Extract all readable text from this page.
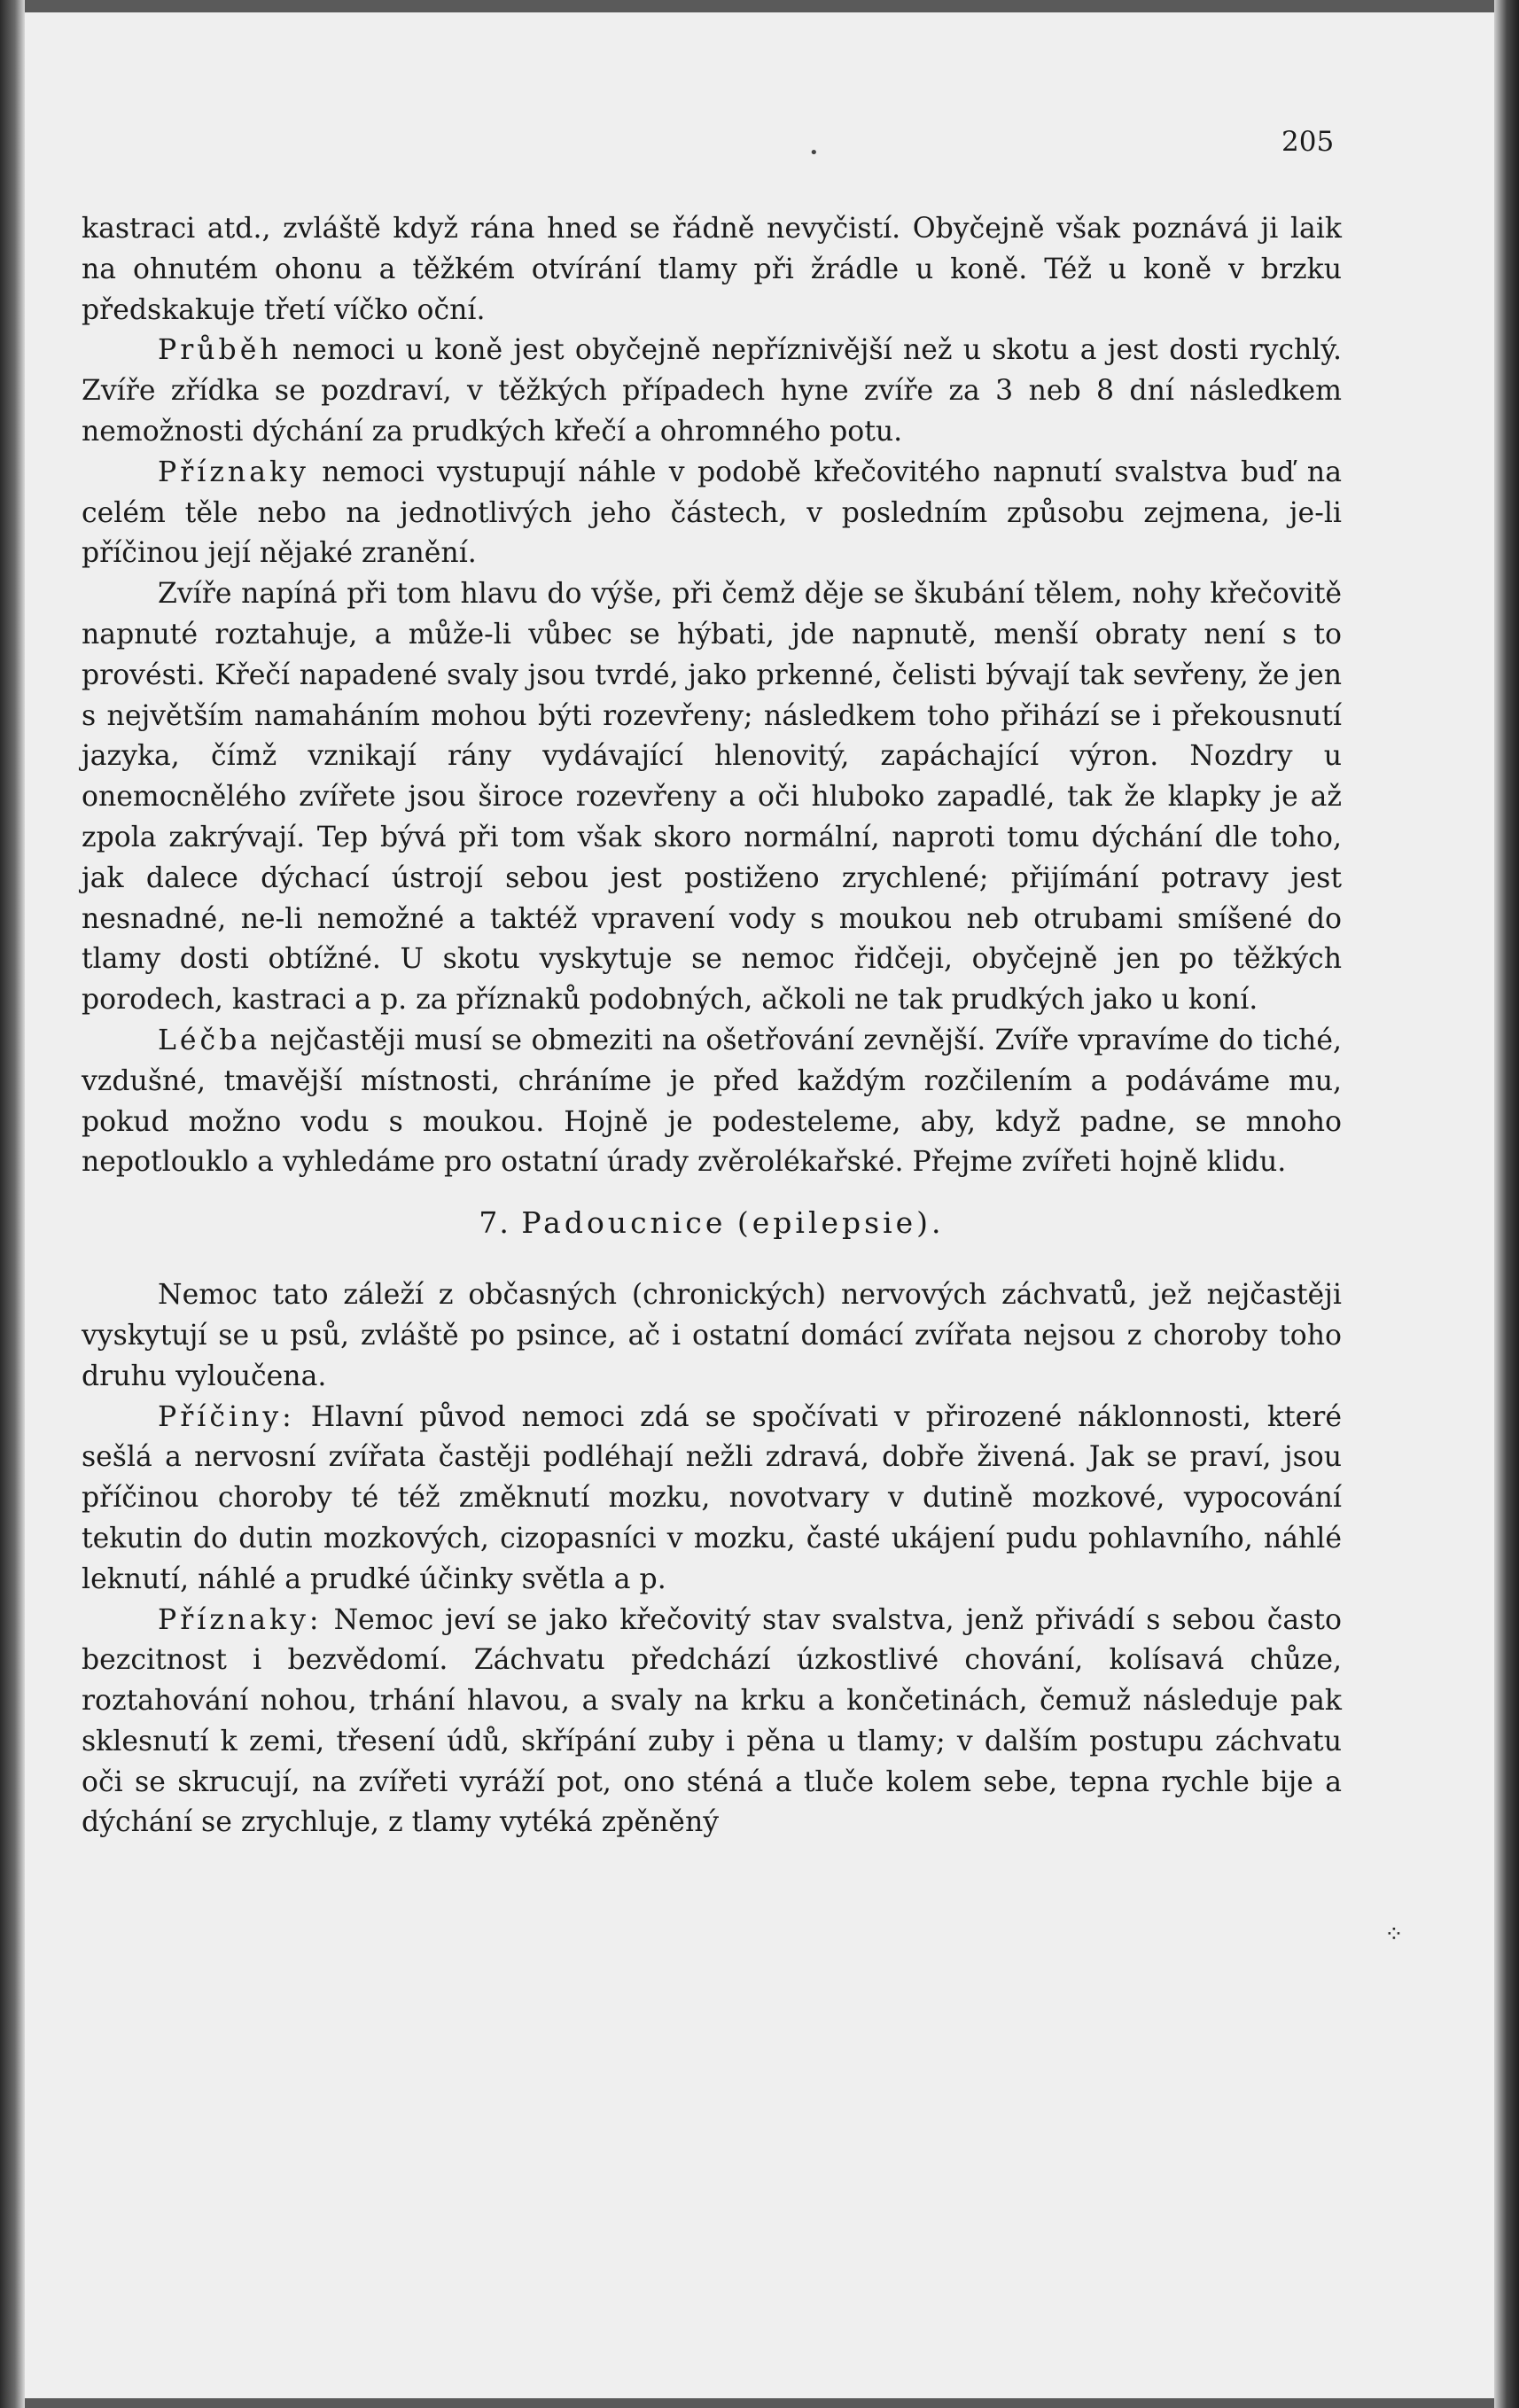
•	205

kastraci atd., zvláště když rána hned se řádně nevyčistí. Obyčejně však poznává ji laik na ohnutém ohonu a těžkém otvírání tlamy při žrádle u koně. Též u koně v brzku předskakuje třetí víčko oční.

Průběh nemoci u koně jest obyčejně nepříznivější než u skotu a jest dosti rychlý. Zvíře zřídka se pozdraví, v těžkých případech hyne zvíře za 3 neb 8 dní následkem nemožnosti dýchání za prudkých křečí a ohromného potu.

Příznaky nemoci vystupují náhle v podobě křečovitého napnutí svalstva buď na celém těle nebo na jednotlivých jeho částech, v posledním způsobu zejmena, je-li příčinou její nějaké zranění.

Zvíře napíná při tom hlavu do výše, při čemž děje se škubání tělem, nohy křečovitě napnuté roztahuje, a může-li vůbec se hýbati, jde napnutě, menší obraty není s to provésti. Křečí napadené svaly jsou tvrdé, jako prkenné, čelisti bývají tak sevřeny, že jen s největším namaháním mohou býti rozevřeny; následkem toho přihází se i překousnutí jazyka, čímž vznikají rány vydávající hlenovitý, zapáchající výron. Nozdry u onemocnělého zvířete jsou široce rozevřeny a oči hluboko zapadlé, tak že klapky je až zpola zakrývají. Tep bývá při tom však skoro normální, naproti tomu dýchání dle toho, jak dalece dýchací ústrojí sebou jest postiženo zrychlené; přijímání potravy jest nesnadné, ne-li nemožné a taktéž vpravení vody s moukou neb otrubami smíšené do tlamy dosti obtížné. U skotu vyskytuje se nemoc řidčeji, obyčejně jen po těžkých porodech, kastraci a p. za příznaků podobných, ačkoli ne tak prudkých jako u koní.

Léčba nejčastěji musí se obmeziti na ošetřování zevnější. Zvíře vpravíme do tiché, vzdušné, tmavější místnosti, chráníme je před každým rozčilením a podáváme mu, pokud možno vodu s moukou. Hojně je podesteleme, aby, když padne, se mnoho nepotlouklo a vyhledáme pro ostatní úrady zvěrolékařské. Přejme zvířeti hojně klidu.

7. Padoucnice (epilepsie).

Nemoc tato záleží z občasných (chronických) nervových záchvatů, jež nejčastěji vyskytují se u psů, zvláště po psince, ač i ostatní domácí zvířata nejsou z choroby toho druhu vyloučena.

Příčiny: Hlavní původ nemoci zdá se spočívati v přirozené náklonnosti, které sešlá a nervosní zvířata častěji podléhají nežli zdravá, dobře živená. Jak se praví, jsou příčinou choroby té též změknutí mozku, novotvary v dutině mozkové, vypocování tekutin do dutin mozkových, cizopasníci v mozku, časté ukájení pudu pohlavního, náhlé leknutí, náhlé a prudké účinky světla a p.

Příznaky: Nemoc jeví se jako křečovitý stav svalstva, jenž přivádí s sebou často bezcitnost i bezvědomí. Záchvatu předchází úzkostlivé chování, kolísavá chůze, roztahování nohou, trhání hlavou, a svaly na krku a končetinách, čemuž následuje pak sklesnutí k zemi, třesení údů, skřípání zuby i pěna u tlamy; v dalším postupu záchvatu oči se skrucují, na zvířeti vyráží pot, ono sténá a tluče kolem sebe, tepna rychle bije a dýchání se zrychluje, z tlamy vytéká zpěněný

⁘
